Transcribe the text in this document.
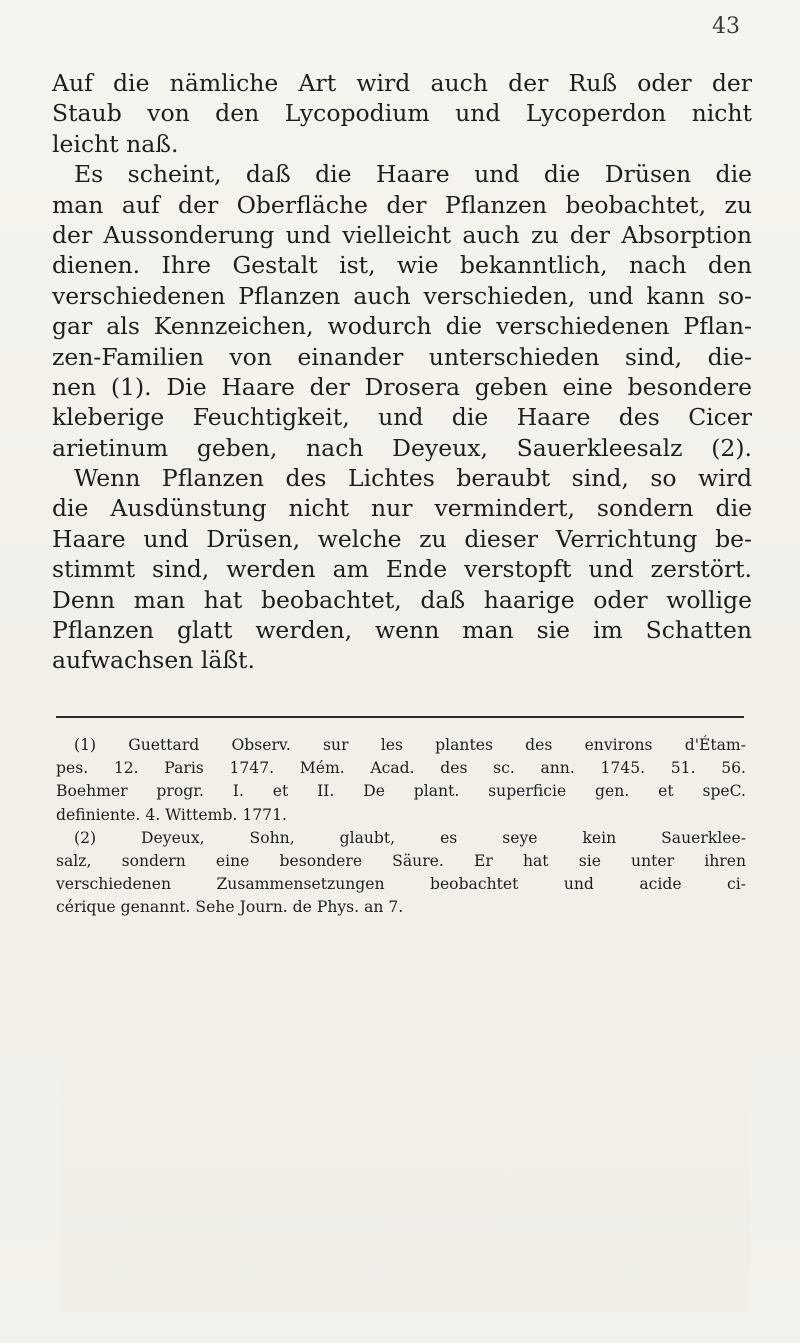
43
Auf die nämliche Art wird auch der Ruß oder der
Staub von den Lycopodium und Lycoperdon nicht
leicht naß.
Es scheint, daß die Haare und die Drüsen die
man auf der Oberfläche der Pflanzen beobachtet, zu
der Aussonderung und vielleicht auch zu der Absorption
dienen. Ihre Gestalt ist, wie bekanntlich, nach den
verschiedenen Pflanzen auch verschieden, und kann so-
gar als Kennzeichen, wodurch die verschiedenen Pflan-
zen-Familien von einander unterschieden sind, die-
nen (1). Die Haare der Drosera geben eine besondere
kleberige Feuchtigkeit, und die Haare des Cicer
arietinum geben, nach Deyeux, Sauerkleesalz (2).
Wenn Pflanzen des Lichtes beraubt sind, so wird
die Ausdünstung nicht nur vermindert, sondern die
Haare und Drüsen, welche zu dieser Verrichtung be-
stimmt sind, werden am Ende verstopft und zerstört.
Denn man hat beobachtet, daß haarige oder wollige
Pflanzen glatt werden, wenn man sie im Schatten
aufwachsen läßt.
(1) Guettard Observ. sur les plantes des environs d'Étam-
pes. 12. Paris 1747. Mém. Acad. des sc. ann. 1745. 51. 56.
Boehmer progr. I. et II. De plant. superficie gen. et speC.
definiente. 4. Wittemb. 1771.
(2) Deyeux, Sohn, glaubt, es seye kein Sauerklee-
salz, sondern eine besondere Säure. Er hat sie unter ihren
verschiedenen Zusammensetzungen beobachtet und acide ci-
cérique genannt. Sehe Journ. de Phys. an 7.
